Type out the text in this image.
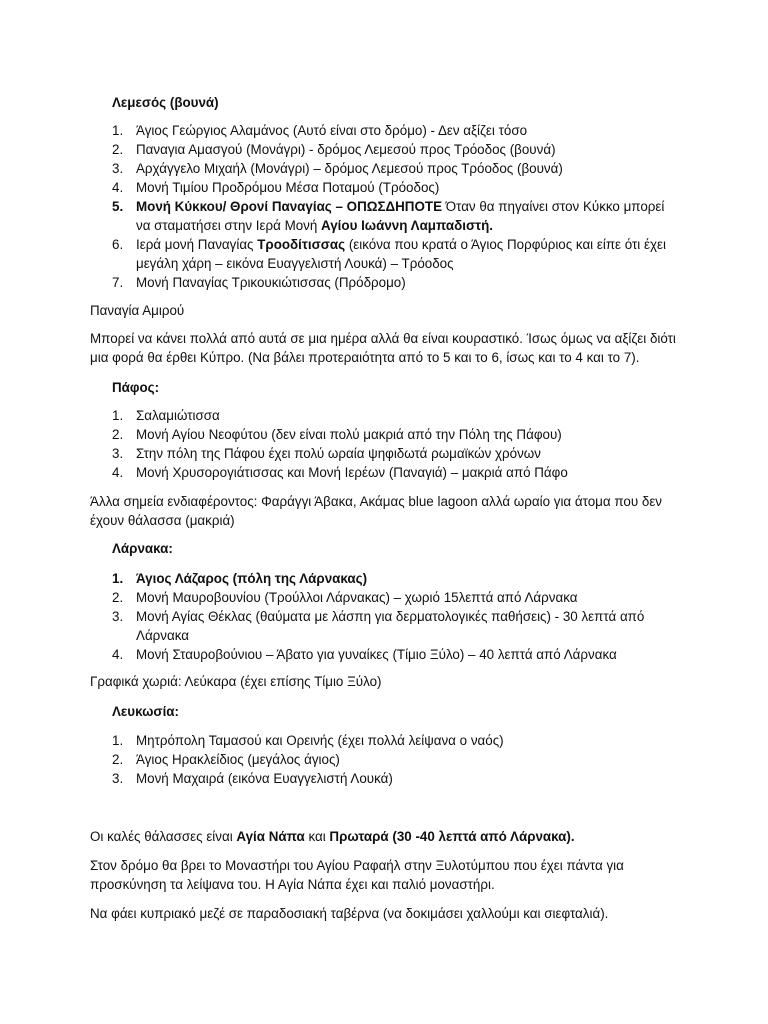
Λεμεσός (βουνά)

1. Άγιος Γεώργιος Αλαμάνος (Αυτό είναι στο δρόμο) - Δεν αξίζει τόσο
2. Παναγια Αμασγού (Μονάγρι) - δρόμος Λεμεσού προς Τρόοδος (βουνά)
3. Αρχάγγελο Μιχαήλ (Μονάγρι) – δρόμος Λεμεσού προς Τρόοδος (βουνά)
4. Μονή Τιμίου Προδρόμου Μέσα Ποταμού (Τρόοδος)
5. Μονή Κύκκου/ Θρονί Παναγίας – ΟΠΩΣΔΗΠΟΤΕ Όταν θα πηγαίνει στον Κύκκο μπορεί να σταματήσει στην Ιερά Μονή Αγίου Ιωάννη Λαμπαδιστή.
6. Ιερά μονή Παναγίας Τροοδίτισσας (εικόνα που κρατά ο Άγιος Πορφύριος και είπε ότι έχει μεγάλη χάρη – εικόνα Ευαγγελιστή Λουκά) – Τρόοδος
7. Μονή Παναγίας Τρικουκιώτισσας (Πρόδρομο)

Παναγία Αμιρού

Μπορεί να κάνει πολλά από αυτά σε μια ημέρα αλλά θα είναι κουραστικό. Ίσως όμως να αξίζει διότι μια φορά θα έρθει Κύπρο. (Να βάλει προτεραιότητα από το 5 και το 6, ίσως και το 4 και το 7).

Πάφος:

1. Σαλαμιώτισσα
2. Μονή Αγίου Νεοφύτου (δεν είναι πολύ μακριά από την Πόλη της Πάφου)
3. Στην πόλη της Πάφου έχει πολύ ωραία ψηφιδωτά ρωμαϊκών χρόνων
4. Μονή Χρυσορογιάτισσας και Μονή Ιερέων (Παναγιά) – μακριά από Πάφο

Άλλα σημεία ενδιαφέροντος: Φαράγγι Άβακα, Ακάμας blue lagoon αλλά ωραίο για άτομα που δεν έχουν θάλασσα (μακριά)

Λάρνακα:

1. Άγιος Λάζαρος (πόλη της Λάρνακας)
2. Μονή Μαυροβουνίου (Τρούλλοι Λάρνακας) – χωριό 15λεπτά από Λάρνακα
3. Μονή Αγίας Θέκλας (θαύματα με λάσπη για δερματολογικές παθήσεις) - 30 λεπτά από Λάρνακα
4. Μονή Σταυροβούνιου – Άβατο για γυναίκες (Τίμιο Ξύλο) – 40 λεπτά από Λάρνακα

Γραφικά χωριά: Λεύκαρα (έχει επίσης Τίμιο Ξύλο)

Λευκωσία:

1. Μητρόπολη Ταμασού και Ορεινής (έχει πολλά λείψανα ο ναός)
2. Άγιος Ηρακλείδιος (μεγάλος άγιος)
3. Μονή Μαχαιρά (εικόνα Ευαγγελιστή Λουκά)

Οι καλές θάλασσες είναι Αγία Νάπα και Πρωταρά (30 -40 λεπτά από Λάρνακα).

Στον δρόμο θα βρει το Μοναστήρι του Αγίου Ραφαήλ στην Ξυλοτύμπου που έχει πάντα για προσκύνηση τα λείψανα του. Η Αγία Νάπα έχει και παλιό μοναστήρι.

Να φάει κυπριακό μεζέ σε παραδοσιακή ταβέρνα (να δοκιμάσει χαλλούμι και σιεφταλιά).
